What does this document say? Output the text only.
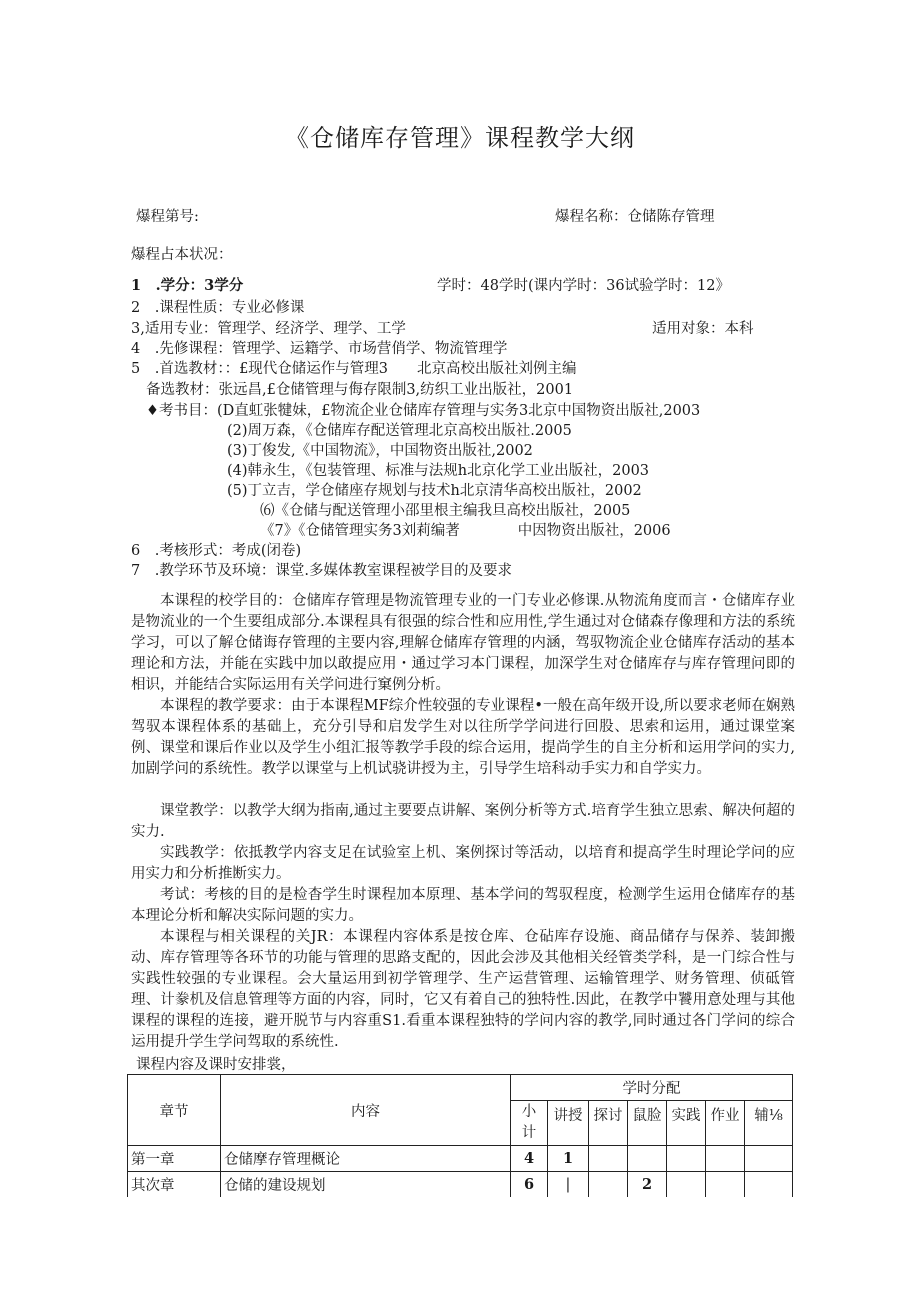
《仓储库存管理》课程教学大纲
爆程第号:	爆程名称：仓储陈存管理
爆程占本状况：
1　.学分：3学分	学时：48学时(课内学时：36试验学时：12》
2　.课程性质：专业必修课
3,适用专业：管理学、经济学、理学、工学	适用对象：本科
4　.先修课程：管理学、运籍学、市场营俏学、物流管理学
5　.首选教材：：£现代仓储运作与管理3　　北京高校出版社刘例主编
备选教材：张远昌,£仓储管理与侮存限制3,纺织工业出版社，2001
♦考书目：(D直虹张犍妹，£物流企业仓储库存管理与实务3北京中国物资出版社,2003
(2)周万森，《仓储库存配送管理北京高校出版社.2005
(3)丁俊发,《中国物流》，中国物资出版社,2002
(4)韩永生，《包装管理、标准与法规h北京化学工业出版社，2003
(5)丁立吉，学仓储座存规划与技术h北京清华高校出版社，2002
⑹《仓储与配送管理小邵里根主编我旦高校出版社，2005
《7》《仓储管理实务3刘莉编著　　　　中因物资出版社，2006
6　.考核形式：考成(闭卷)
7　.教学环节及环境：课堂.多媒体教室课程被学目的及要求

本课程的校学目的：仓储库存管理是物流管理专业的一门专业必修课.从物流角度而言・仓储库存业是物流业的一个生要组成部分.本课程具有很强的综合性和应用性,学生通过对仓储森存像理和方法的系统学习，可以了解仓储诲存管理的主要内容,理解仓储库存管理的内涵，驾驭物流企业仓储库存活动的基本理论和方法，并能在实践中加以敢提应用・通过学习本门课程，加深学生对仓储库存与库存管理问即的相识，并能结合实际运用有关学问进行窠例分析。

本课程的教学要求：由于本课程MF综介性较强的专业课程•一般在高年级开设,所以要求老师在娴熟驾驭本课程体系的基础上，充分引导和启发学生对以往所学学问进行回股、思索和运用，通过课堂案例、课堂和课后作业以及学生小组汇报等教学手段的综合运用，提尚学生的自主分析和运用学问的实力,加剧学问的系统性。教学以课堂与上机试骁讲授为主，引导学生培科动手实力和自学实力。

课堂教学：以教学大纲为指南,通过主要要点讲解、案例分析等方式.培育学生独立思索、解决何超的实力.

实践教学：依抵教学内容支足在试验室上机、案例探讨等活动，以培育和提高学生时理论学问的应用实力和分析推断实力。

考试：考核的目的是检杳学生时课程加本原理、基本学问的驾驭程度，检测学生运用仓储库存的基本理论分析和解决实际问题的实力。

本课程与相关课程的关JR：本课程内容体系是按仓库、仓砧库存设施、商品储存与保养、装卸搬动、库存管理等各环节的功能与管理的思路支配的，因此会涉及其他相关经管类学科，是一门综合性与实践性较强的专业课程。会大量运用到初学管理学、生产运营管理、运输管理学、财务管理、侦砥管理、计豢机及信息管理等方面的内容，同时，它又有着自己的独特性.因此，在教学中饕用意处理与其他课程的课程的连接，避开脱节与内容重S1.看重本课程独特的学问内容的教学,同时通过各门学问的综合运用提升学生学问驾取的系统性.

课程内容及课时安排裳，
章节	内容	学时分配						

		小
计	讲授	探讨	鼠脸	实践	作业	辅⅛
第一章	仓储摩存管理概论	4	1					
其次章	仓储的建设规划	6	|		2			
